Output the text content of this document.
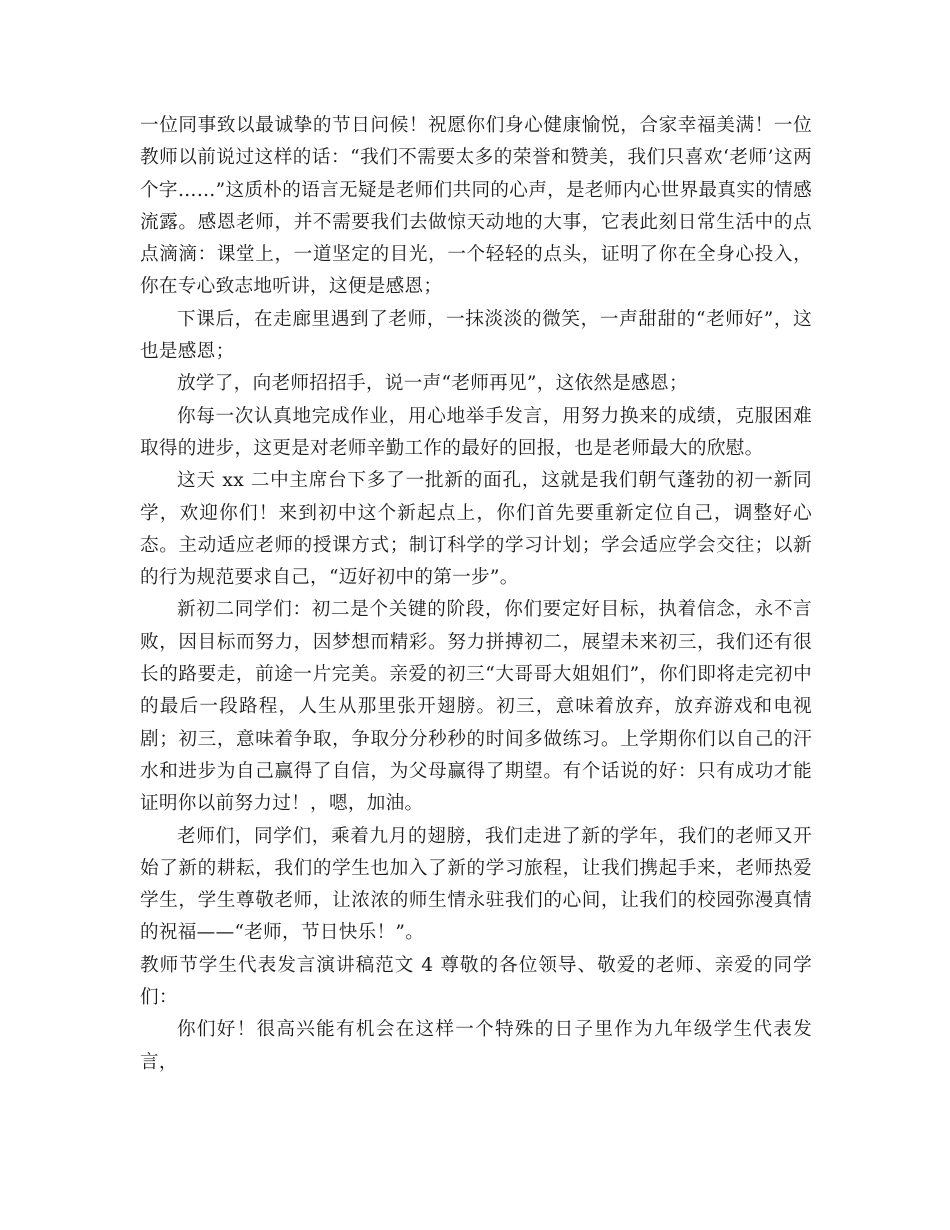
一位同事致以最诚挚的节日问候！祝愿你们身心健康愉悦，合家幸福美满！一位教师以前说过这样的话：“我们不需要太多的荣誉和赞美，我们只喜欢‘老师’这两个字……”这质朴的语言无疑是老师们共同的心声，是老师内心世界最真实的情感流露。感恩老师，并不需要我们去做惊天动地的大事，它表此刻日常生活中的点点滴滴：课堂上，一道坚定的目光，一个轻轻的点头，证明了你在全身心投入，你在专心致志地听讲，这便是感恩；

下课后，在走廊里遇到了老师，一抹淡淡的微笑，一声甜甜的“老师好”，这也是感恩；

放学了，向老师招招手，说一声“老师再见”，这依然是感恩；

你每一次认真地完成作业，用心地举手发言，用努力换来的成绩，克服困难取得的进步，这更是对老师辛勤工作的最好的回报，也是老师最大的欣慰。

这天 xx 二中主席台下多了一批新的面孔，这就是我们朝气蓬勃的初一新同学，欢迎你们！来到初中这个新起点上，你们首先要重新定位自己，调整好心态。主动适应老师的授课方式；制订科学的学习计划；学会适应学会交往；以新的行为规范要求自己，“迈好初中的第一步”。

新初二同学们：初二是个关键的阶段，你们要定好目标，执着信念，永不言败，因目标而努力，因梦想而精彩。努力拼搏初二，展望未来初三，我们还有很长的路要走，前途一片完美。亲爱的初三“大哥哥大姐姐们”，你们即将走完初中的最后一段路程，人生从那里张开翅膀。初三，意味着放弃，放弃游戏和电视剧；初三，意味着争取，争取分分秒秒的时间多做练习。上学期你们以自己的汗水和进步为自己赢得了自信，为父母赢得了期望。有个话说的好：只有成功才能证明你以前努力过！，嗯，加油。

老师们，同学们，乘着九月的翅膀，我们走进了新的学年，我们的老师又开始了新的耕耘，我们的学生也加入了新的学习旅程，让我们携起手来，老师热爱学生，学生尊敬老师，让浓浓的师生情永驻我们的心间，让我们的校园弥漫真情的祝福——“老师，节日快乐！”。

教师节学生代表发言演讲稿范文 4 尊敬的各位领导、敬爱的老师、亲爱的同学们：

你们好！很高兴能有机会在这样一个特殊的日子里作为九年级学生代表发言，
